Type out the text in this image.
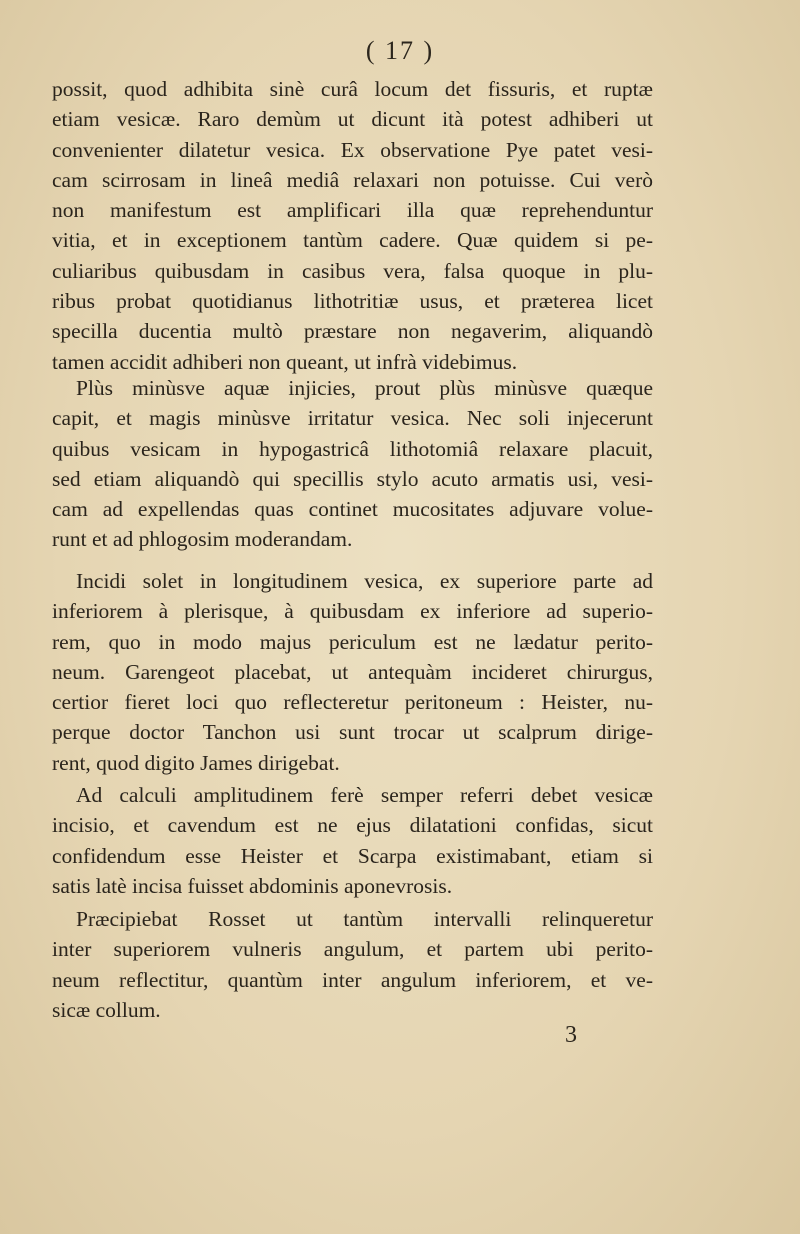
( 17 )
possit, quod adhibita sinè curâ locum det fissuris, et ruptæ
etiam vesicæ. Raro demùm ut dicunt ità potest adhiberi ut
convenienter dilatetur vesica. Ex observatione Pye patet vesi-
cam scirrosam in lineâ mediâ relaxari non potuisse. Cui verò
non manifestum est amplificari illa quæ reprehenduntur
vitia, et in exceptionem tantùm cadere. Quæ quidem si pe-
culiaribus quibusdam in casibus vera, falsa quoque in plu-
ribus probat quotidianus lithotritiæ usus, et præterea licet
specilla ducentia multò præstare non negaverim, aliquandò
tamen accidit adhiberi non queant, ut infrà videbimus.
Plùs minùsve aquæ injicies, prout plùs minùsve quæque
capit, et magis minùsve irritatur vesica. Nec soli injecerunt
quibus vesicam in hypogastricâ lithotomiâ relaxare placuit,
sed etiam aliquandò qui specillis stylo acuto armatis usi, vesi-
cam ad expellendas quas continet mucositates adjuvare volue-
runt et ad phlogosim moderandam.
Incidi solet in longitudinem vesica, ex superiore parte ad
inferiorem à plerisque, à quibusdam ex inferiore ad superio-
rem, quo in modo majus periculum est ne lædatur perito-
neum. Garengeot placebat, ut antequàm incideret chirurgus,
certior fieret loci quo reflecteretur peritoneum : Heister, nu-
perque doctor Tanchon usi sunt trocar ut scalprum dirige-
rent, quod digito James dirigebat.
Ad calculi amplitudinem ferè semper referri debet vesicæ
incisio, et cavendum est ne ejus dilatationi confidas, sicut
confidendum esse Heister et Scarpa existimabant, etiam si
satis latè incisa fuisset abdominis aponevrosis.
Præcipiebat Rosset ut tantùm intervalli relinqueretur
inter superiorem vulneris angulum, et partem ubi perito-
neum reflectitur, quantùm inter angulum inferiorem, et ve-
sicæ collum.
3
